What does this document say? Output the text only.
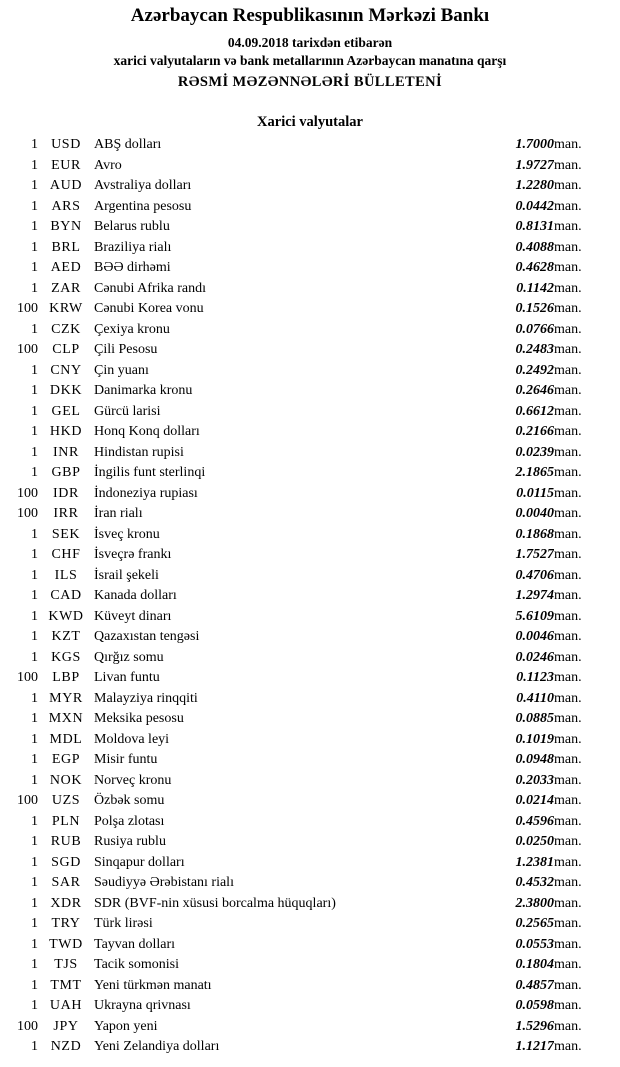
Azərbaycan Respublikasının Mərkəzi Bankı
04.09.2018 tarixdən etibarən
xarici valyutaların və bank metallarının Azərbaycan manatına qarşı
RƏSMİ MƏZƏNNƏLƏRİ BÜLLETENİ
Xarici valyutalar
1	USD	ABŞ dolları	1.7000	man.
1	EUR	Avro	1.9727	man.
1	AUD	Avstraliya dolları	1.2280	man.
1	ARS	Argentina pesosu	0.0442	man.
1	BYN	Belarus rublu	0.8131	man.
1	BRL	Braziliya rialı	0.4088	man.
1	AED	BƏƏ dirhəmi	0.4628	man.
1	ZAR	Cənubi Afrika randı	0.1142	man.
100	KRW	Cənubi Korea vonu	0.1526	man.
1	CZK	Çexiya kronu	0.0766	man.
100	CLP	Çili Pesosu	0.2483	man.
1	CNY	Çin yuanı	0.2492	man.
1	DKK	Danimarka kronu	0.2646	man.
1	GEL	Gürcü larisi	0.6612	man.
1	HKD	Honq Konq dolları	0.2166	man.
1	INR	Hindistan rupisi	0.0239	man.
1	GBP	İngilis funt sterlinqi	2.1865	man.
100	IDR	İndoneziya rupiası	0.0115	man.
100	IRR	İran rialı	0.0040	man.
1	SEK	İsveç kronu	0.1868	man.
1	CHF	İsveçrə frankı	1.7527	man.
1	ILS	İsrail şekeli	0.4706	man.
1	CAD	Kanada dolları	1.2974	man.
1	KWD	Küveyt dinarı	5.6109	man.
1	KZT	Qazaxıstan tengəsi	0.0046	man.
1	KGS	Qırğız somu	0.0246	man.
100	LBP	Livan funtu	0.1123	man.
1	MYR	Malayziya rinqqiti	0.4110	man.
1	MXN	Meksika pesosu	0.0885	man.
1	MDL	Moldova leyi	0.1019	man.
1	EGP	Misir funtu	0.0948	man.
1	NOK	Norveç kronu	0.2033	man.
100	UZS	Özbək somu	0.0214	man.
1	PLN	Polşa zlotası	0.4596	man.
1	RUB	Rusiya rublu	0.0250	man.
1	SGD	Sinqapur dolları	1.2381	man.
1	SAR	Səudiyyə Ərəbistanı rialı	0.4532	man.
1	XDR	SDR (BVF-nin xüsusi borcalma hüquqları)	2.3800	man.
1	TRY	Türk lirəsi	0.2565	man.
1	TWD	Tayvan dolları	0.0553	man.
1	TJS	Tacik somonisi	0.1804	man.
1	TMT	Yeni türkmən manatı	0.4857	man.
1	UAH	Ukrayna qrivnası	0.0598	man.
100	JPY	Yapon yeni	1.5296	man.
1	NZD	Yeni Zelandiya dolları	1.1217	man.
